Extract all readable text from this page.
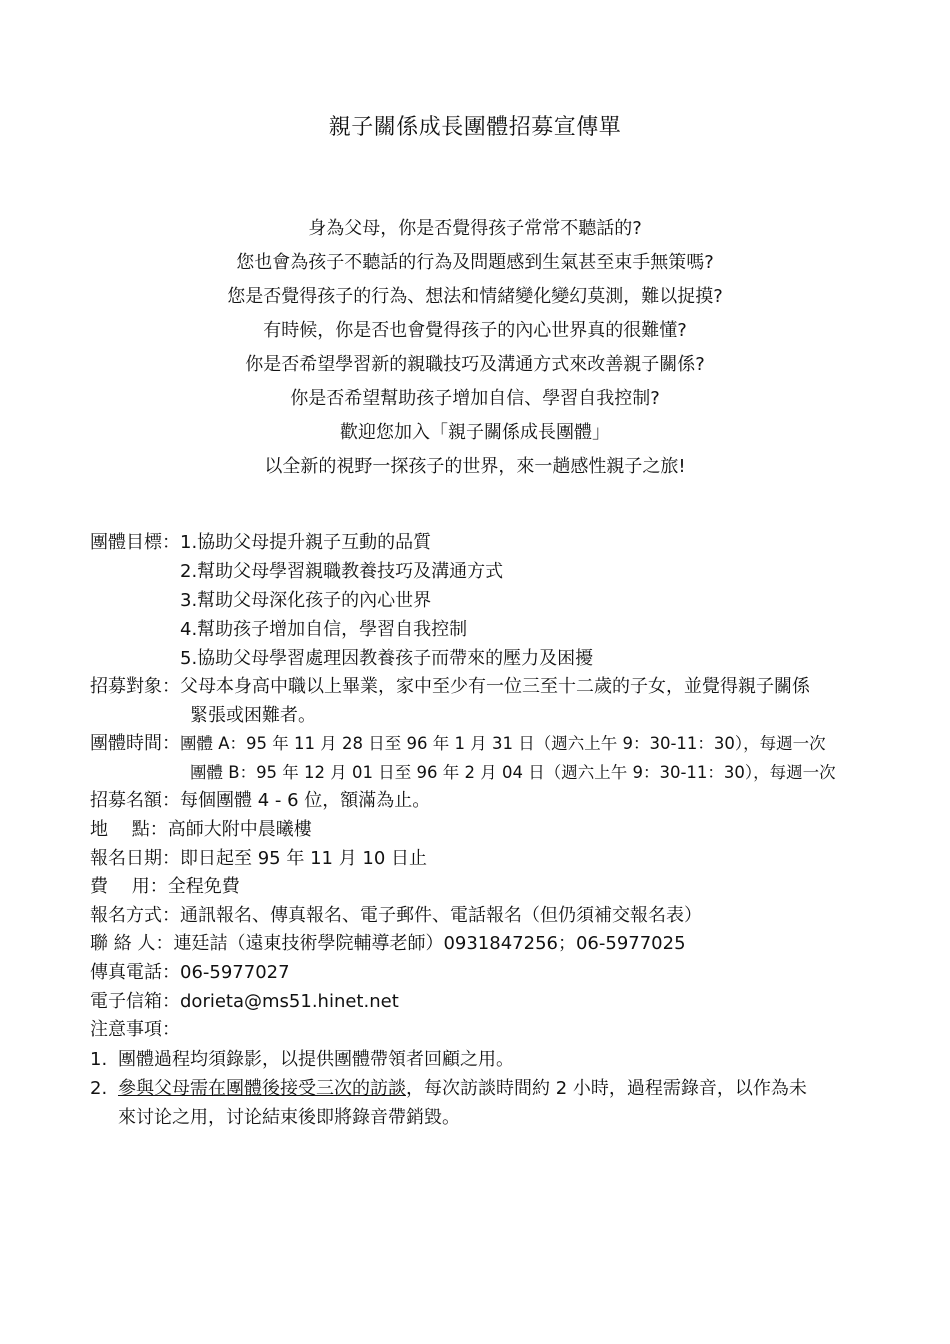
親子關係成長團體招募宣傳單
身為父母，你是否覺得孩子常常不聽話的?
您也會為孩子不聽話的行為及問題感到生氣甚至束手無策嗎?
您是否覺得孩子的行為、想法和情緒變化變幻莫測，難以捉摸?
有時候，你是否也會覺得孩子的內心世界真的很難懂?
你是否希望學習新的親職技巧及溝通方式來改善親子關係?
你是否希望幫助孩子增加自信、學習自我控制?
歡迎您加入「親子關係成長團體」
以全新的視野一探孩子的世界，來一趟感性親子之旅!
團體目標： 1.協助父母提升親子互動的品質
2.幫助父母學習親職教養技巧及溝通方式
3.幫助父母深化孩子的內心世界
4.幫助孩子增加自信，學習自我控制
5.協助父母學習處理因教養孩子而帶來的壓力及困擾
招募對象： 父母本身高中職以上畢業，家中至少有一位三至十二歲的子女，並覺得親子關係
緊張或困難者。
團體時間：團體 A：95 年 11 月 28 日至 96 年 1 月 31 日（週六上午 9：30-11：30），每週一次
團體 B：95 年 12 月 01 日至 96 年 2 月 04 日（週六上午 9：30-11：30），每週一次
招募名額： 每個團體 4 - 6 位，額滿為止。
地　 點： 高師大附中晨曦樓
報名日期： 即日起至 95 年 11 月 10 日止
費　 用： 全程免費
報名方式： 通訊報名、傳真報名、電子郵件、電話報名（但仍須補交報名表）
聯 絡 人： 連廷詰（遠東技術學院輔導老師）0931847256；06-5977025
傳真電話： 06-5977027
電子信箱： dorieta@ms51.hinet.net
注意事項：
1. 團體過程均須錄影，以提供團體帶領者回顧之用。
2. 參與父母需在團體後接受三次的訪談，每次訪談時間約 2 小時，過程需錄音，以作為未
來讨论之用，讨论結束後即將錄音帶銷毀。
